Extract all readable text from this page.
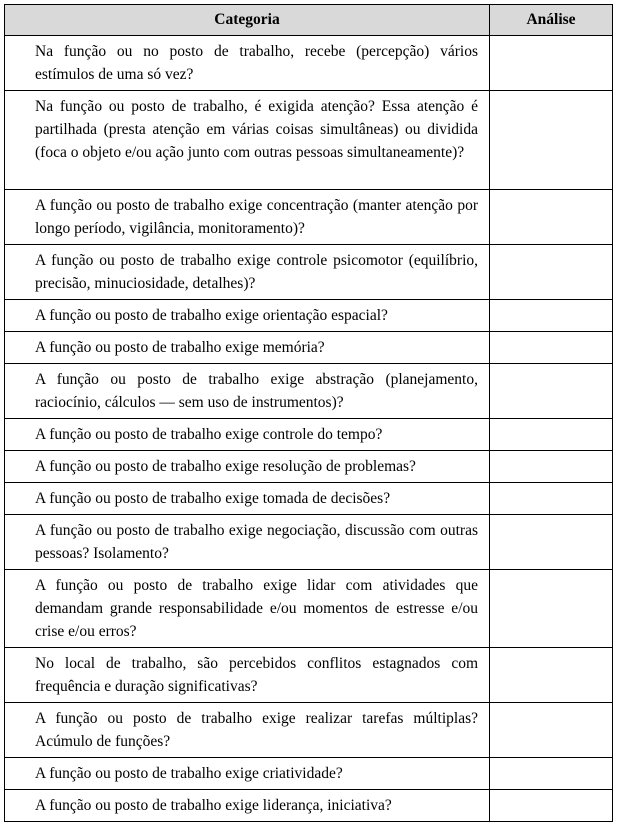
Categoria	Análise
Na função ou no posto de trabalho, recebe (percepção) vários estímulos de uma só vez?	
Na função ou posto de trabalho, é exigida atenção? Essa atenção é partilhada (presta atenção em várias coisas simultâneas) ou dividida (foca o objeto e/ou ação junto com outras pessoas simultaneamente)?	
A função ou posto de trabalho exige concentração (manter atenção por longo período, vigilância, monitoramento)?	
A função ou posto de trabalho exige controle psicomotor (equilíbrio, precisão, minuciosidade, detalhes)?	
A função ou posto de trabalho exige orientação espacial?	
A função ou posto de trabalho exige memória?	
A função ou posto de trabalho exige abstração (planejamento, raciocínio, cálculos — sem uso de instrumentos)?	
A função ou posto de trabalho exige controle do tempo?	
A função ou posto de trabalho exige resolução de problemas?	
A função ou posto de trabalho exige tomada de decisões?	
A função ou posto de trabalho exige negociação, discussão com outras pessoas? Isolamento?	
A função ou posto de trabalho exige lidar com atividades que demandam grande responsabilidade e/ou momentos de estresse e/ou crise e/ou erros?	
No local de trabalho, são percebidos conflitos estagnados com frequência e duração significativas?	
A função ou posto de trabalho exige realizar tarefas múltiplas? Acúmulo de funções?	
A função ou posto de trabalho exige criatividade?	
A função ou posto de trabalho exige liderança, iniciativa?	
